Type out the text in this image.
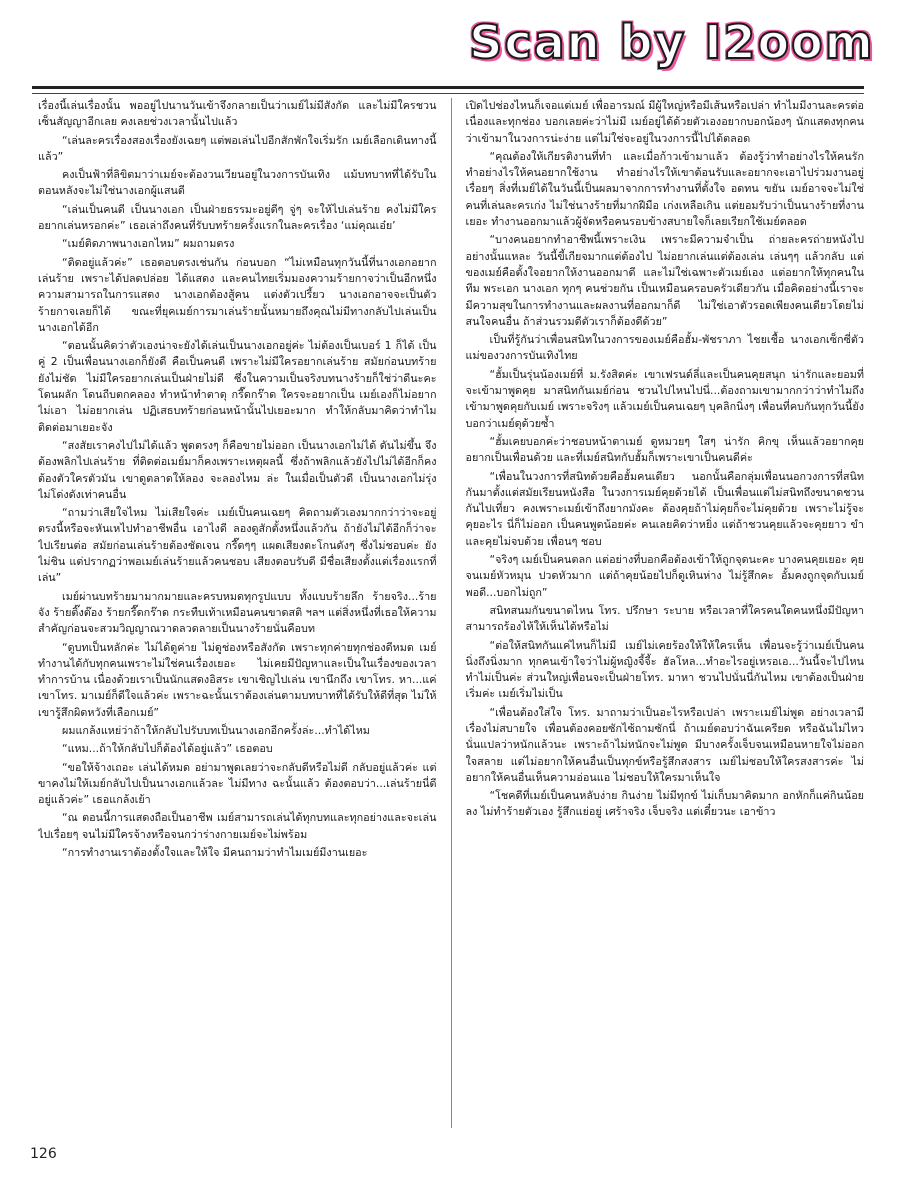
Scan by I2oom

เรื่องนี้เล่นเรื่องนั้น พออยู่ไปนานวันเข้าจึงกลายเป็นว่าเมย์ไม่มีสังกัด และไม่มีใครชวนเซ็นสัญญาอีกเลย คงเลยช่วงเวลานั้นไปแล้ว

“เล่นละครเรื่องสองเรื่องยังเฉยๆ แต่พอเล่นไปอีกสักพักใจเริ่มรัก เมย์เลือกเดินทางนี้แล้ว”

คงเป็นฟ้าที่ลิขิตมาว่าเมย์จะต้องวนเวียนอยู่ในวงการบันเทิง แม้บทบาทที่ได้รับในตอนหลังจะไม่ใช่นางเอกผู้แสนดี

“เล่นเป็นคนดี เป็นนางเอก เป็นฝ่ายธรรมะอยู่ดีๆ จู่ๆ จะให้ไปเล่นร้าย คงไม่มีใครอยากเล่นหรอกค่ะ” เธอเล่าถึงคนที่รับบทร้ายครั้งแรกในละครเรื่อง ‘แม่คุณเอ๋ย’

“เมย์ติดภาพนางเอกไหม” ผมถามตรง

“ติดอยู่แล้วค่ะ” เธอตอบตรงเช่นกัน ก่อนบอก “ไม่เหมือนทุกวันนี้ที่นางเอกอยากเล่นร้าย เพราะได้ปลดปล่อย ได้แสดง และคนไทยเริ่มมองความร้ายกาจว่าเป็นอีกหนึ่งความสามารถในการแสดง นางเอกต้องสู้คน แต่งตัวเปรี้ยว นางเอกอาจจะเป็นตัวร้ายกาจเลยก็ได้ ขณะที่ยุคเมย์การมาเล่นร้ายนั้นหมายถึงคุณไม่มีทางกลับไปเล่นเป็นนางเอกได้อีก

“ตอนนั้นคิดว่าตัวเองน่าจะยังได้เล่นเป็นนางเอกอยู่ค่ะ ไม่ต้องเป็นเบอร์ 1 ก็ได้ เป็นคู่ 2 เป็นเพื่อนนางเอกก็ยังดี คือเป็นคนดี เพราะไม่มีใครอยากเล่นร้าย สมัยก่อนบทร้ายยังไม่ชัด ไม่มีใครอยากเล่นเป็นฝ่ายไม่ดี ซึ่งในความเป็นจริงบทนางร้ายก็ใช่ว่าดีนะคะ โดนผลัก โดนถีบตกคลอง ทำหน้าทำตาดุ กรี๊ดกร๊าด ใครจะอยากเป็น เมย์เองก็ไม่อยาก ไม่เอา ไม่อยากเล่น ปฏิเสธบทร้ายก่อนหน้านั้นไปเยอะมาก ทำให้กลับมาคิดว่าทำไมติดต่อมาเยอะจัง

“สงสัยเราคงไปไม่ได้แล้ว พูดตรงๆ ก็คือขายไม่ออก เป็นนางเอกไม่ได้ ดันไม่ขึ้น จึงต้องพลิกไปเล่นร้าย ที่ติดต่อเมย์มาก็คงเพราะเหตุผลนี้ ซึ่งถ้าพลิกแล้วยังไปไม่ได้อีกก็คงต้องตัวใครตัวมัน เขาดูตลาดให้ลอง จะลองไหม ล่ะ ในเมื่อเป็นตัวดี เป็นนางเอกไม่รุ่ง ไม่โด่งดังเท่าคนอื่น

“ถามว่าเสียใจไหม ไม่เสียใจค่ะ เมย์เป็นคนเฉยๆ คิดถามตัวเองมากกว่าว่าจะอยู่ตรงนี้หรือจะหันเหไปทำอาชีพอื่น เอาไงดี ลองดูสักตั้งหนึ่งแล้วกัน ถ้ายังไม่ได้อีกก็ว่าจะไปเรียนต่อ สมัยก่อนเล่นร้ายต้องชัดเจน กรี๊ดๆๆ แผดเสียงตะโกนดังๆ ซึ่งไม่ชอบค่ะ ยังไม่ชิน แต่ปรากฏว่าพอเมย์เล่นร้ายแล้วคนชอบ เสียงตอบรับดี มีชื่อเสียงตั้งแต่เรื่องแรกที่เล่น”

เมย์ผ่านบทร้ายมามากมายและครบหมดทุกรูปแบบ ทั้งแบบร้ายลึก ร้ายจริง...ร้ายจัง ร้ายติ๊งต๊อง ร้ายกรี๊ดกร๊าด กระทืบเท้าเหมือนคนขาดสติ ฯลฯ แต่สิ่งหนึ่งที่เธอให้ความสำคัญก่อนจะสวมวิญญาณวาดลวดลายเป็นนางร้ายนั่นคือบท

“ดูบทเป็นหลักค่ะ ไม่ได้ดูค่าย ไม่ดูช่องหรือสังกัด เพราะทุกค่ายทุกช่องดีหมด เมย์ทำงานได้กับทุกคนเพราะไม่ใช่คนเรื่องเยอะ ไม่เคยมีปัญหาและเป็นในเรื่องของเวลา ทำการบ้าน เนื่องด้วยเราเป็นนักแสดงอิสระ เขาเชิญไปเล่น เขานึกถึง เขาโทร. หา...แค่เขาโทร. มาเมย์ก็ดีใจแล้วค่ะ เพราะฉะนั้นเราต้องเล่นตามบทบาทที่ได้รับให้ดีที่สุด ไม่ให้เขารู้สึกผิดหวังที่เลือกเมย์”

ผมแกล้งแหย่ว่าถ้าให้กลับไปรับบทเป็นนางเอกอีกครั้งล่ะ...ทำได้ไหม

“แหม...ถ้าให้กลับไปก็ต้องได้อยู่แล้ว” เธอตอบ

“ขอให้จ้างเถอะ เล่นได้หมด อย่ามาพูดเลยว่าจะกลับดีหรือไม่ดี กลับอยู่แล้วค่ะ แต่ขาคงไม่ให้เมย์กลับไปเป็นนางเอกแล้วละ ไม่มีทาง ฉะนั้นแล้ว ต้องตอบว่า...เล่นร้ายนี่ดีอยู่แล้วค่ะ” เธอแกล้งเย้า

“ณ ตอนนี้การแสดงถือเป็นอาชีพ เมย์สามารถเล่นได้ทุกบทและทุกอย่างและจะเล่นไปเรื่อยๆ จนไม่มีใครจ้างหรือจนกว่าร่างกายเมย์จะไม่พร้อม

“การทำงานเราต้องตั้งใจและให้ใจ มีคนถามว่าทำไมเมย์มีงานเยอะ

เปิดไปช่องไหนก็เจอแต่เมย์ เพื่ออารมณ์ มีผู้ใหญ่หรือมีเส้นหรือเปล่า ทำไมมีงานละครต่อเนื่องและทุกช่อง บอกเลยค่ะว่าไม่มี เมย์อยู่ได้ด้วยตัวเองอยากบอกน้องๆ นักแสดงทุกคนว่าเข้ามาในวงการน่ะง่าย แต่ไม่ใช่จะอยู่ในวงการนี้ไปได้ตลอด

“คุณต้องให้เกียรติงานที่ทำ และเมื่อก้าวเข้ามาแล้ว ต้องรู้ว่าทำอย่างไรให้คนรัก ทำอย่างไรให้คนอยากใช้งาน ทำอย่างไรให้เขาต้อนรับและอยากจะเอาไปร่วมงานอยู่เรื่อยๆ สิ่งที่เมย์ได้ในวันนี้เป็นผลมาจากการทำงานที่ตั้งใจ อดทน ขยัน เมย์อาจจะไม่ใช่คนที่เล่นละครเก่ง ไม่ใช่นางร้ายที่มากฝีมือ เก่งเหลือเกิน แต่ยอมรับว่าเป็นนางร้ายที่งานเยอะ ทำงานออกมาแล้วผู้จัดหรือคนรอบข้างสบายใจก็เลยเรียกใช้เมย์ตลอด

“บางคนอยากทำอาชีพนี้เพราะเงิน เพราะมีความจำเป็น ถ่ายละครถ่ายหนังไปอย่างนั้นแหละ วันนี้ขี้เกียจมากแต่ต้องไป ไม่อยากเล่นแต่ต้องเล่น เล่นๆๆ แล้วกลับ แต่ของเมย์คือตั้งใจอยากให้งานออกมาดี และไม่ใช่เฉพาะตัวเมย์เอง แต่อยากให้ทุกคนในทีม พระเอก นางเอก ทุกๆ คนช่วยกัน เป็นเหมือนครอบครัวเดียวกัน เมื่อคิดอย่างนี้เราจะมีความสุขในการทำงานและผลงานที่ออกมาก็ดี ไม่ใช่เอาตัวรอดเพียงคนเดียวโดยไม่สนใจคนอื่น ถ้าส่วนรวมดีตัวเราก็ต้องดีด้วย”

เป็นที่รู้กันว่าเพื่อนสนิทในวงการของเมย์คือฮั้ม-พัชราภา ไชยเชื้อ นางเอกเซ็กซี่ตัวแม่ของวงการบันเทิงไทย

“ฮั้มเป็นรุ่นน้องเมย์ที่ ม.รังสิตค่ะ เขาเฟรนด์ลี่และเป็นคนคุยสนุก น่ารักและยอมที่จะเข้ามาพูดคุย มาสนิทกันเมย์ก่อน ชวนไปไหนไปนี่...ต้องถามเขามากกว่าว่าทำไมถึงเข้ามาพูดคุยกับเมย์ เพราะจริงๆ แล้วเมย์เป็นคนเฉยๆ บุคลิกนิ่งๆ เพื่อนที่คบกันทุกวันนี้ยังบอกว่าเมย์ดุด้วยซ้ำ

“ฮั้มเคยบอกค่ะว่าชอบหน้าตาเมย์ ดูหมวยๆ ใสๆ น่ารัก คิกขุ เห็นแล้วอยากคุยอยากเป็นเพื่อนด้วย และที่เมย์สนิทกับฮั้มก็เพราะเขาเป็นคนดีค่ะ

“เพื่อนในวงการที่สนิทด้วยคือฮั้มคนเดียว นอกนั้นคือกลุ่มเพื่อนนอกวงการที่สนิทกันมาตั้งแต่สมัยเรียนหนังสือ ในวงการเมย์คุยด้วยได้ เป็นเพื่อนแต่ไม่สนิทถึงขนาดชวนกันไปเที่ยว คงเพราะเมย์เข้าถึงยากมังคะ ต้องคุยถ้าไม่คุยก็จะไม่คุยด้วย เพราะไม่รู้จะคุยอะไร นี่ก็ไม่ออก เป็นคนพูดน้อยค่ะ คนเลยคิดว่าหยิ่ง แต่ถ้าชวนคุยแล้วจะคุยยาว ขำ และคุยไม่จบด้วย เพื่อนๆ ชอบ

“จริงๆ เมย์เป็นคนตลก แต่อย่างที่บอกคือต้องเข้าให้ถูกจุดนะคะ บางคนคุยเยอะ คุยจนเมย์หัวหมุน ปวดหัวมาก แต่ถ้าคุยน้อยไปก็ดูเหินห่าง ไม่รู้สึกคะ อั้มคงถูกจุดกับเมย์พอดี...บอกไม่ถูก”

สนิทสนมกันขนาดไหน โทร. ปรึกษา ระบาย หรือเวลาที่ใครคนใดคนหนึ่งมีปัญหาสามารถร้องไห้ให้เห็นได้หรือไม่

“ต่อให้สนิทกันแค่ไหนก็ไม่มี เมย์ไม่เคยร้องให้ให้ใครเห็น เพื่อนจะรู้ว่าเมย์เป็นคนนิ่งถึงนิ่งมาก ทุกคนเข้าใจว่าไม่ผู้หญิงจี้จี้ะ ฮัลโหล...ทำอะไรอยู่เหรอเอ...วันนี้จะไปไหน ทำไม่เป็นค่ะ ส่วนใหญ่เพื่อนจะเป็นฝ่ายโทร. มาหา ชวนไปนั่นนี่กันไหม เขาต้องเป็นฝ่ายเริ่มค่ะ เมย์เริ่มไม่เป็น

“เพื่อนต้องใส่ใจ โทร. มาถามว่าเป็นอะไรหรือเปล่า เพราะเมย์ไม่พูด อย่างเวลามีเรื่องไม่สบายใจ เพื่อนต้องคอยซักไซ้ถามซักนี่ ถ้าเมย์ตอบว่าฉันเครียด หรือฉันไม่ไหว นั่นแปลว่าหนักแล้วนะ เพราะถ้าไม่หนักจะไม่พูด มีบางครั้งเจ็บจนเหมือนหายใจไม่ออก ใจสลาย แต่ไม่อยากให้คนอื่นเป็นทุกข์หรือรู้สึกสงสาร เมย์ไม่ชอบให้ใครสงสารค่ะ ไม่อยากให้คนอื่นเห็นความอ่อนแอ ไม่ชอบให้ใครมาเห็นใจ

“โชคดีที่เมย์เป็นคนหลับง่าย กินง่าย ไม่มีทุกข์ ไม่เก็บมาคิดมาก อกหักก็แค่กินน้อยลง ไม่ทำร้ายตัวเอง รู้สึกแย่อยู่ เศร้าจริง เจ็บจริง แต่เดี๋ยวนะ เอาข้าว

126
